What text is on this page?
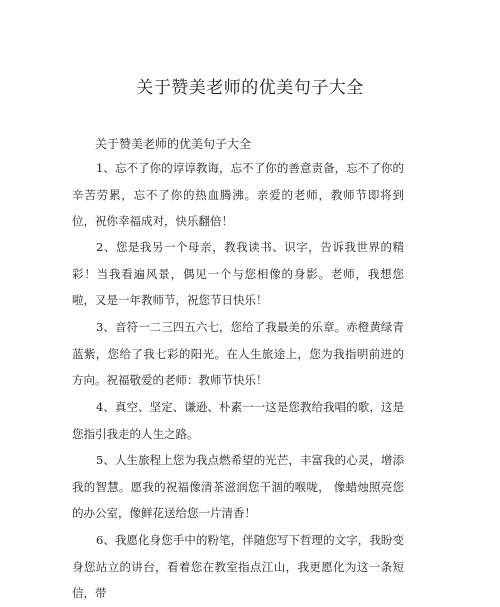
关于赞美老师的优美句子大全
关于赞美老师的优美句子大全

1、忘不了你的谆谆教诲，忘不了你的善意责备，忘不了你的辛苦劳累，忘不了你的热血腾沸。亲爱的老师，教师节即将到位，祝你幸福成对，快乐翻倍！

2、您是我另一个母亲，教我读书、识字，告诉我世界的精彩！当我看遍风景，偶见一个与您相像的身影。老师，我想您啦，又是一年教师节，祝您节日快乐！

3、音符一二三四五六七，您给了我最美的乐章。赤橙黄绿青蓝紫，您给了我七彩的阳光。在人生旅途上，您为我指明前进的方向。祝福敬爱的老师：教师节快乐！

4、真空、坚定、谦逊、朴素一一这是您教给我唱的歌，这是您指引我走的人生之路。

5、人生旅程上您为我点燃希望的光芒，丰富我的心灵，增添我的智慧。愿我的祝福像清茶滋润您干涸的喉咙， 像蜡烛照亮您的办公室，像鲜花送给您一片清香！

6、我愿化身您手中的粉笔，伴随您写下哲理的文字，我盼变身您站立的讲台，看着您在教室指点江山，我更愿化为这一条短信，带
